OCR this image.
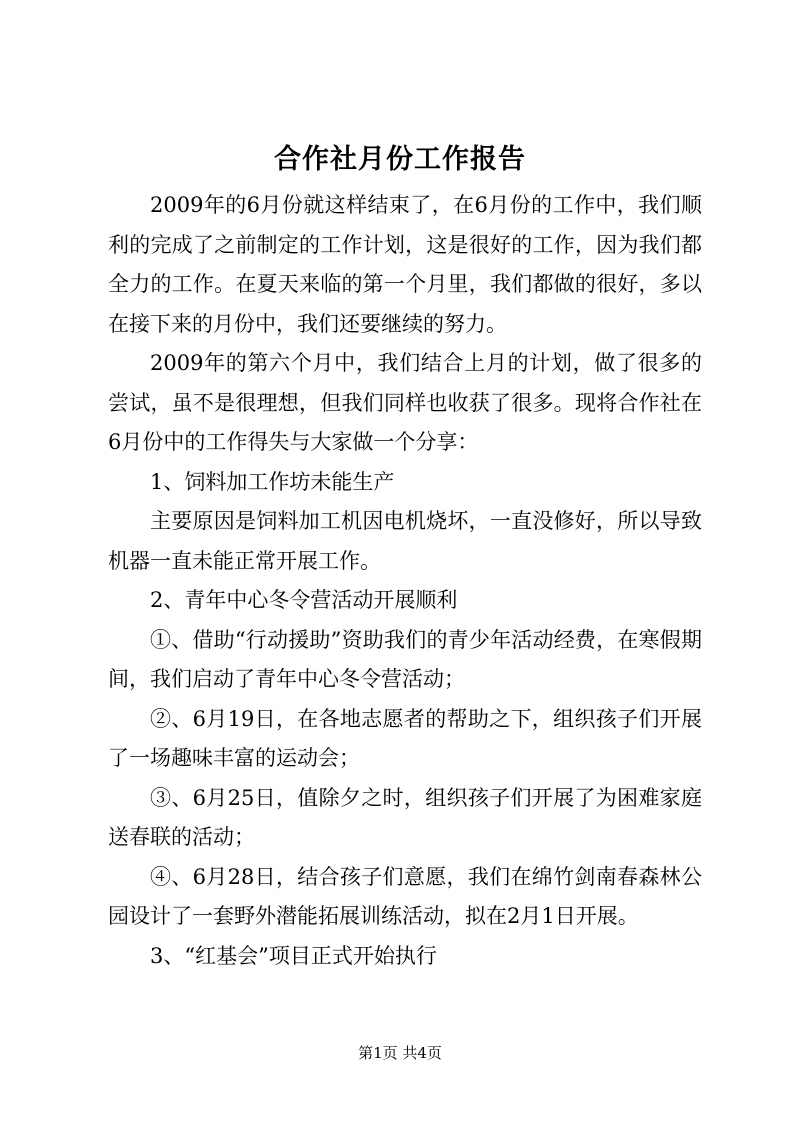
合作社月份工作报告

2009年的6月份就这样结束了，在6月份的工作中，我们顺利的完成了之前制定的工作计划，这是很好的工作，因为我们都全力的工作。在夏天来临的第一个月里，我们都做的很好，多以在接下来的月份中，我们还要继续的努力。

2009年的第六个月中，我们结合上月的计划，做了很多的尝试，虽不是很理想，但我们同样也收获了很多。现将合作社在6月份中的工作得失与大家做一个分享：

1、饲料加工作坊未能生产

主要原因是饲料加工机因电机烧坏，一直没修好，所以导致机器一直未能正常开展工作。

2、青年中心冬令营活动开展顺利

①、借助“行动援助”资助我们的青少年活动经费，在寒假期间，我们启动了青年中心冬令营活动；

②、6月19日，在各地志愿者的帮助之下，组织孩子们开展了一场趣味丰富的运动会；

③、6月25日，值除夕之时，组织孩子们开展了为困难家庭送春联的活动；

④、6月28日，结合孩子们意愿，我们在绵竹剑南春森林公园设计了一套野外潜能拓展训练活动，拟在2月1日开展。

3、“红基会”项目正式开始执行

第1页 共4页
